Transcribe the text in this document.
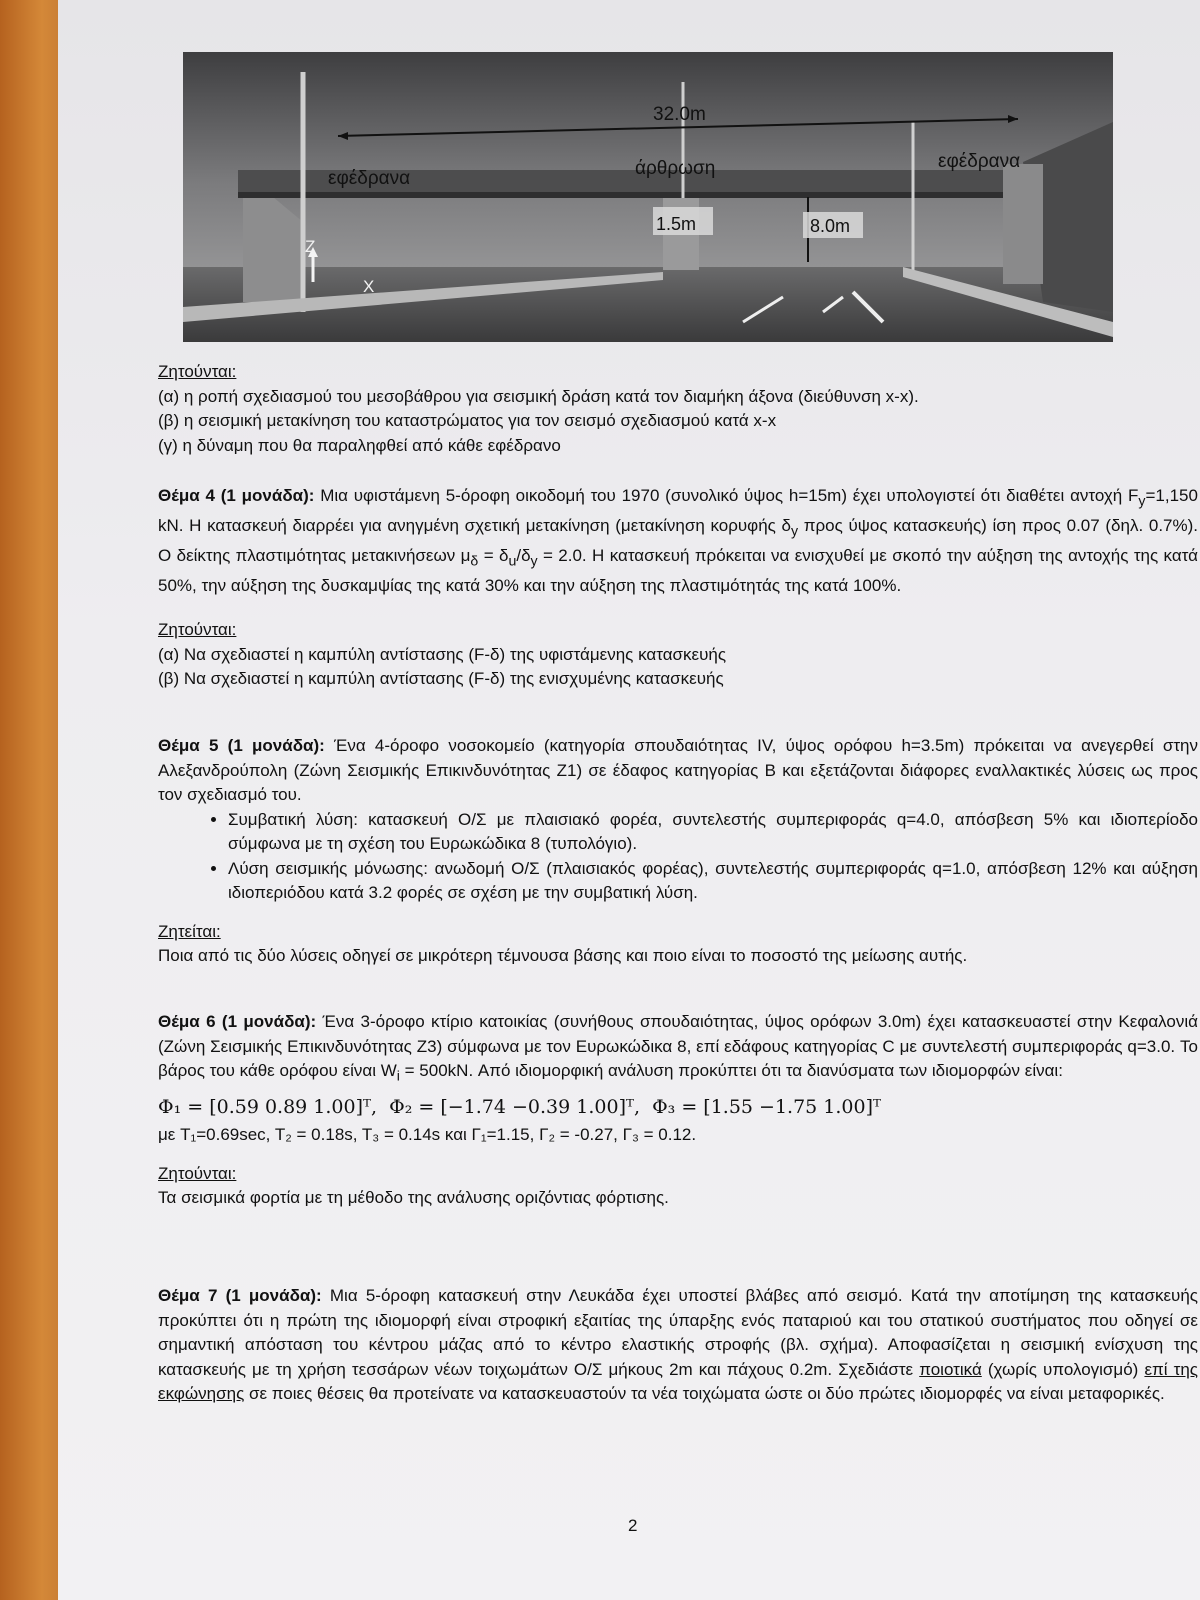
32.0m
εφέδρανα	άρθρωση	εφέδρανα
1.5m	8.0m
Z
X

Ζητούνται:

(α) η ροπή σχεδιασμού του μεσοβάθρου για σεισμική δράση κατά τον διαμήκη άξονα (διεύθυνση x-x).

(β) η σεισμική μετακίνηση του καταστρώματος για τον σεισμό σχεδιασμού κατά x-x

(γ) η δύναμη που θα παραληφθεί από κάθε εφέδρανο

Θέμα 4 (1 μονάδα): Μια υφιστάμενη 5-όροφη οικοδομή του 1970 (συνολικό ύψος h=15m) έχει υπολογιστεί ότι διαθέτει αντοχή $F_y=1,150$ kN. Η κατασκευή διαρρέει για ανηγμένη σχετική μετακίνηση (μετακίνηση κορυφής $\delta_y$ προς ύψος κατασκευής) ίση προς 0.07 (δηλ. 0.7%). Ο δείκτης πλαστιμότητας μετακινήσεων $\mu_\delta = \delta_u/\delta_y = 2.0$. Η κατασκευή πρόκειται να ενισχυθεί με σκοπό την αύξηση της αντοχής της κατά 50%, την αύξηση της δυσκαμψίας της κατά 30% και την αύξηση της πλαστιμότητάς της κατά 100%.

Ζητούνται:

(α) Να σχεδιαστεί η καμπύλη αντίστασης (F-δ) της υφιστάμενης κατασκευής

(β) Να σχεδιαστεί η καμπύλη αντίστασης (F-δ) της ενισχυμένης κατασκευής

Θέμα 5 (1 μονάδα): Ένα 4-όροφο νοσοκομείο (κατηγορία σπουδαιότητας IV, ύψος ορόφου h=3.5m) πρόκειται να ανεγερθεί στην Αλεξανδρούπολη (Ζώνη Σεισμικής Επικινδυνότητας Ζ1) σε έδαφος κατηγορίας Β και εξετάζονται διάφορες εναλλακτικές λύσεις ως προς τον σχεδιασμό του.

• Συμβατική λύση: κατασκευή Ο/Σ με πλαισιακό φορέα, συντελεστής συμπεριφοράς q=4.0, απόσβεση 5% και ιδιοπερίοδο σύμφωνα με τη σχέση του Ευρωκώδικα 8 (τυπολόγιο).
• Λύση σεισμικής μόνωσης: ανωδομή Ο/Σ (πλαισιακός φορέας), συντελεστής συμπεριφοράς q=1.0, απόσβεση 12% και αύξηση ιδιοπεριόδου κατά 3.2 φορές σε σχέση με την συμβατική λύση.

Ζητείται:

Ποια από τις δύο λύσεις οδηγεί σε μικρότερη τέμνουσα βάσης και ποιο είναι το ποσοστό της μείωσης αυτής.

Θέμα 6 (1 μονάδα): Ένα 3-όροφο κτίριο κατοικίας (συνήθους σπουδαιότητας, ύψος ορόφων 3.0m) έχει κατασκευαστεί στην Κεφαλονιά (Ζώνη Σεισμικής Επικινδυνότητας Ζ3) σύμφωνα με τον Ευρωκώδικα 8, επί εδάφους κατηγορίας C με συντελεστή συμπεριφοράς q=3.0. Το βάρος του κάθε ορόφου είναι $W_i = 500kN$. Από ιδιομορφική ανάλυση προκύπτει ότι τα διανύσματα των ιδιομορφών είναι:

Φ₁ = [0.59 0.89 1.00]ᵀ,  Φ₂ = [−1.74 −0.39 1.00]ᵀ,  Φ₃ = [1.55 −1.75 1.00]ᵀ

με T₁=0.69sec, T₂ = 0.18s, T₃ = 0.14s και Γ₁=1.15, Γ₂ = -0.27, Γ₃ = 0.12.

Ζητούνται:

Τα σεισμικά φορτία με τη μέθοδο της ανάλυσης οριζόντιας φόρτισης.

Θέμα 7 (1 μονάδα): Μια 5-όροφη κατασκευή στην Λευκάδα έχει υποστεί βλάβες από σεισμό. Κατά την αποτίμηση της κατασκευής προκύπτει ότι η πρώτη της ιδιομορφή είναι στροφική εξαιτίας της ύπαρξης ενός παταριού και του στατικού συστήματος που οδηγεί σε σημαντική απόσταση του κέντρου μάζας από το κέντρο ελαστικής στροφής (βλ. σχήμα). Αποφασίζεται η σεισμική ενίσχυση της κατασκευής με τη χρήση τεσσάρων νέων τοιχωμάτων Ο/Σ μήκους 2m και πάχους 0.2m. Σχεδιάστε ποιοτικά (χωρίς υπολογισμό) επί της εκφώνησης σε ποιες θέσεις θα προτείνατε να κατασκευαστούν τα νέα τοιχώματα ώστε οι δύο πρώτες ιδιομορφές να είναι μεταφορικές.

2
